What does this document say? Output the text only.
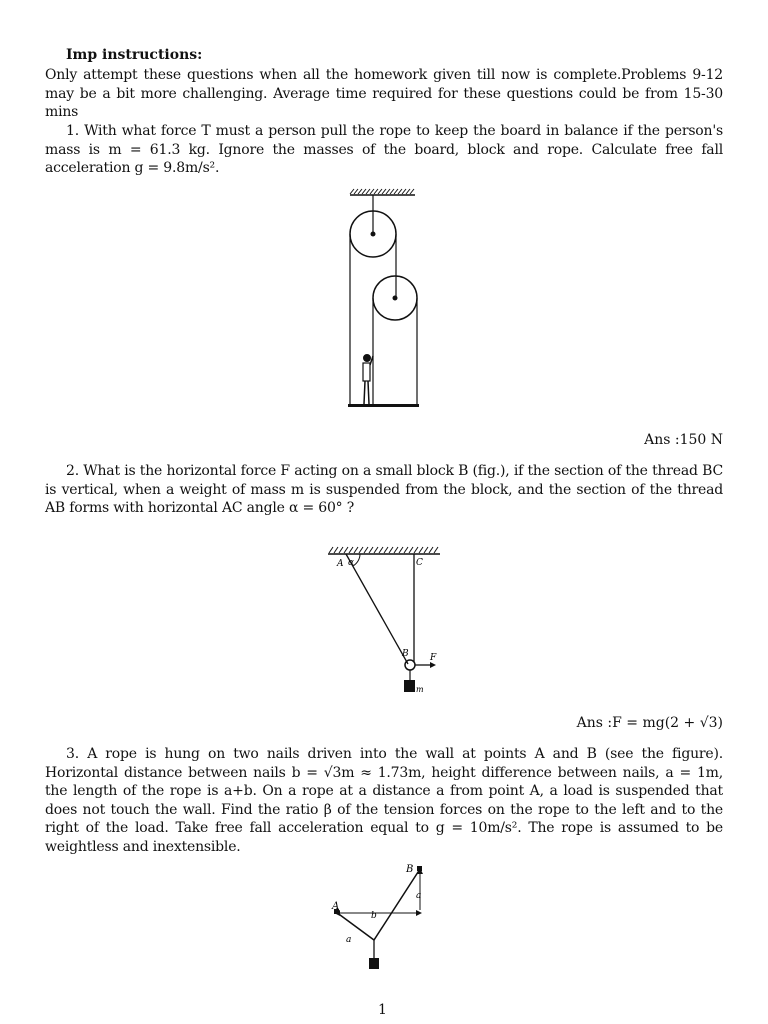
Imp instructions:
Only attempt these questions when all the homework given till now is complete.Problems 9-12 may be a bit more challenging. Average time required for these questions could be from 15-30 mins
1. With what force T must a person pull the rope to keep the board in balance if the person's mass is m = 61.3 kg. Ignore the masses of the board, block and rope. Calculate free fall acceleration g = 9.8m/s².
Ans :150 N
2. What is the horizontal force F acting on a small block B (fig.), if the section of the thread BC is vertical, when a weight of mass m is suspended from the block, and the section of the thread AB forms with horizontal AC angle α = 60° ?
A α	C
B F
m
Ans :F = mg(2 + √3)
3. A rope is hung on two nails driven into the wall at points A and B (see the figure). Horizontal distance between nails b = √3m ≈ 1.73m, height difference between nails, a = 1m, the length of the rope is a+b. On a rope at a distance a from point A, a load is suspended that does not touch the wall. Find the ratio β of the tension forces on the rope to the left and to the right of the load. Take free fall acceleration equal to g = 10m/s². The rope is assumed to be weightless and inextensible.
A
B
a
b
a
1
